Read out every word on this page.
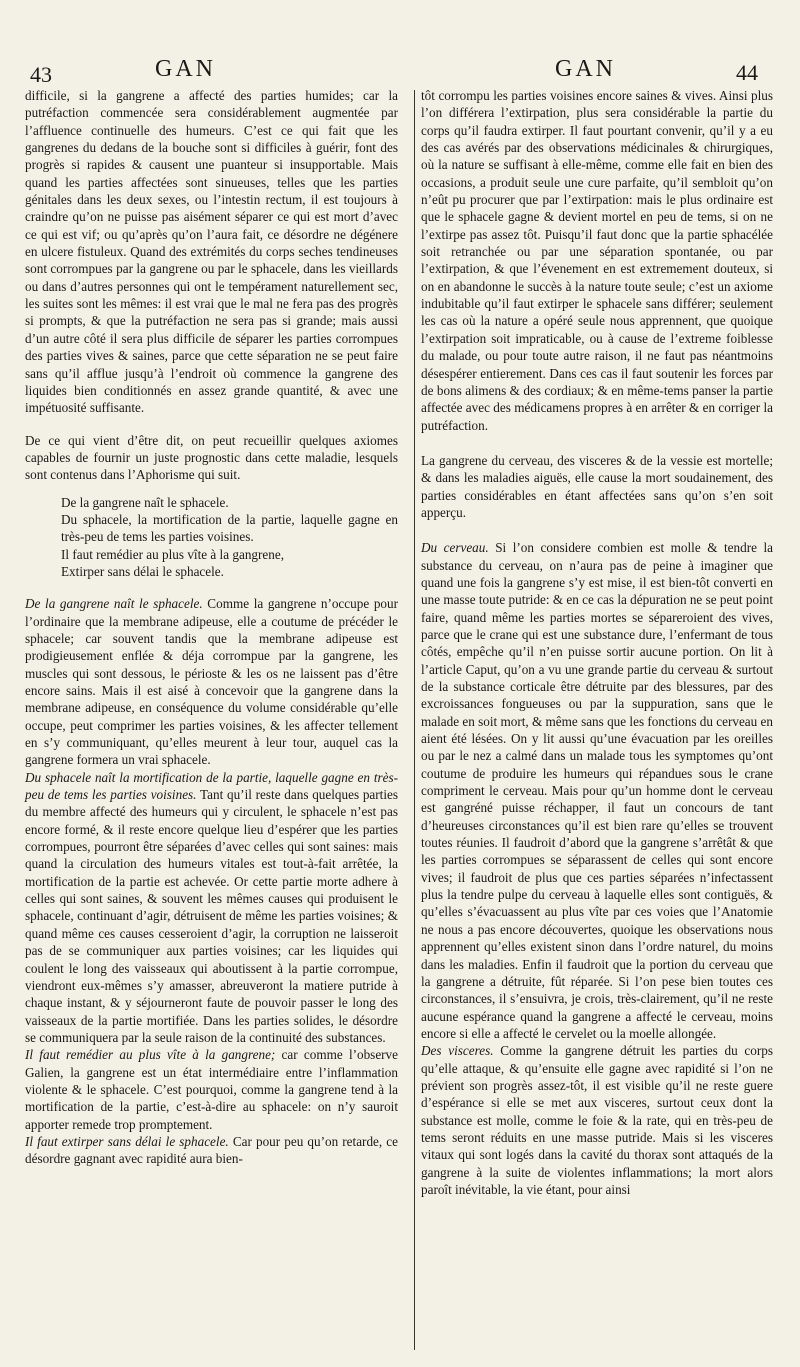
43	GAN	GAN	44

difficile, si la gangrene a affecté des parties humides; car la putréfaction commencée sera considérablement augmentée par l’affluence continuelle des humeurs. C’est ce qui fait que les gangrenes du dedans de la bouche sont si difficiles à guérir, font des progrès si rapides & causent une puanteur si insupportable. Mais quand les parties affectées sont sinueuses, telles que les parties génitales dans les deux sexes, ou l’intestin rectum, il est toujours à craindre qu’on ne puisse pas aisément séparer ce qui est mort d’avec ce qui est vif; ou qu’après qu’on l’aura fait, ce désordre ne dégénere en ulcere fistuleux. Quand des extrémités du corps seches tendineuses sont corrompues par la gangrene ou par le sphacele, dans les vieillards ou dans d’autres personnes qui ont le tempérament naturellement sec, les suites sont les mêmes: il est vrai que le mal ne fera pas des progrès si prompts, & que la putréfaction ne sera pas si grande; mais aussi d’un autre côté il sera plus difficile de séparer les parties corrompues des parties vives & saines, parce que cette séparation ne se peut faire sans qu’il afflue jusqu’à l’endroit où commence la gangrene des liquides bien conditionnés en assez grande quantité, & avec une impétuosité suffisante.

De ce qui vient d’être dit, on peut recueillir quelques axiomes capables de fournir un juste prognostic dans cette maladie, lesquels sont contenus dans l’Aphorisme qui suit.

De la gangrene naît le sphacele.
Du sphacele, la mortification de la partie, laquelle gagne en très-peu de tems les parties voisines.
Il faut remédier au plus vîte à la gangrene,
Extirper sans délai le sphacele.

De la gangrene naît le sphacele. Comme la gangrene n’occupe pour l’ordinaire que la membrane adipeuse, elle a coutume de précéder le sphacele; car souvent tandis que la membrane adipeuse est prodigieusement enflée & déja corrompue par la gangrene, les muscles qui sont dessous, le périoste & les os ne laissent pas d’être encore sains. Mais il est aisé à concevoir que la gangrene dans la membrane adipeuse, en conséquence du volume considérable qu’elle occupe, peut comprimer les parties voisines, & les affecter tellement en s’y communiquant, qu’elles meurent à leur tour, auquel cas la gangrene formera un vrai sphacele.

Du sphacele naît la mortification de la partie, laquelle gagne en très-peu de tems les parties voisines. Tant qu’il reste dans quelques parties du membre affecté des humeurs qui y circulent, le sphacele n’est pas encore formé, & il reste encore quelque lieu d’espérer que les parties corrompues, pourront être séparées d’avec celles qui sont saines: mais quand la circulation des humeurs vitales est tout-à-fait arrêtée, la mortification de la partie est achevée. Or cette partie morte adhere à celles qui sont saines, & souvent les mêmes causes qui produisent le sphacele, continuant d’agir, détruisent de même les parties voisines; & quand même ces causes cesseroient d’agir, la corruption ne laisseroit pas de se communiquer aux parties voisines; car les liquides qui coulent le long des vaisseaux qui aboutissent à la partie corrompue, viendront eux-mêmes s’y amasser, abreuveront la matiere putride à chaque instant, & y séjourneront faute de pouvoir passer le long des vaisseaux de la partie mortifiée. Dans les parties solides, le désordre se communiquera par la seule raison de la continuité des substances.

Il faut remédier au plus vîte à la gangrene; car comme l’observe Galien, la gangrene est un état intermédiaire entre l’inflammation violente & le sphacele. C’est pourquoi, comme la gangrene tend à la mortification de la partie, c’est-à-dire au sphacele: on n’y sauroit apporter remede trop promptement.

Il faut extirper sans délai le sphacele. Car pour peu qu’on retarde, ce désordre gagnant avec rapidité aura bien-

tôt corrompu les parties voisines encore saines & vives. Ainsi plus l’on différera l’extirpation, plus sera considérable la partie du corps qu’il faudra extirper. Il faut pourtant convenir, qu’il y a eu des cas avérés par des observations médicinales & chirurgiques, où la nature se suffisant à elle-même, comme elle fait en bien des occasions, a produit seule une cure parfaite, qu’il sembloit qu’on n’eût pu procurer que par l’extirpation: mais le plus ordinaire est que le sphacele gagne & devient mortel en peu de tems, si on ne l’extirpe pas assez tôt. Puisqu’il faut donc que la partie sphacélée soit retranchée ou par une séparation spontanée, ou par l’extirpation, & que l’évenement en est extremement douteux, si on en abandonne le succès à la nature toute seule; c’est un axiome indubitable qu’il faut extirper le sphacele sans différer; seulement les cas où la nature a opéré seule nous apprennent, que quoique l’extirpation soit impraticable, ou à cause de l’extreme foiblesse du malade, ou pour toute autre raison, il ne faut pas néantmoins désespérer entierement. Dans ces cas il faut soutenir les forces par de bons alimens & des cordiaux; & en même-tems panser la partie affectée avec des médicamens propres à en arrêter & en corriger la putréfaction.

La gangrene du cerveau, des visceres & de la vessie est mortelle; & dans les maladies aiguës, elle cause la mort soudainement, des parties considérables en étant affectées sans qu’on s’en soit apperçu.

Du cerveau. Si l’on considere combien est molle & tendre la substance du cerveau, on n’aura pas de peine à imaginer que quand une fois la gangrene s’y est mise, il est bien-tôt converti en une masse toute putride: & en ce cas la dépuration ne se peut point faire, quand même les parties mortes se sépareroient des vives, parce que le crane qui est une substance dure, l’enfermant de tous côtés, empêche qu’il n’en puisse sortir aucune portion. On lit à l’article Caput, qu’on a vu une grande partie du cerveau & surtout de la substance corticale être détruite par des blessures, par des excroissances fongueuses ou par la suppuration, sans que le malade en soit mort, & même sans que les fonctions du cerveau en aient été lésées. On y lit aussi qu’une évacuation par les oreilles ou par le nez a calmé dans un malade tous les symptomes qu’ont coutume de produire les humeurs qui répandues sous le crane compriment le cerveau. Mais pour qu’un homme dont le cerveau est gangréné puisse réchapper, il faut un concours de tant d’heureuses circonstances qu’il est bien rare qu’elles se trouvent toutes réunies. Il faudroit d’abord que la gangrene s’arrêtât & que les parties corrompues se séparassent de celles qui sont encore vives; il faudroit de plus que ces parties séparées n’infectassent plus la tendre pulpe du cerveau à laquelle elles sont contiguës, & qu’elles s’évacuassent au plus vîte par ces voies que l’Anatomie ne nous a pas encore découvertes, quoique les observations nous apprennent qu’elles existent sinon dans l’ordre naturel, du moins dans les maladies. Enfin il faudroit que la portion du cerveau que la gangrene a détruite, fût réparée. Si l’on pese bien toutes ces circonstances, il s’ensuivra, je crois, très-clairement, qu’il ne reste aucune espérance quand la gangrene a affecté le cerveau, moins encore si elle a affecté le cervelet ou la moelle allongée.

Des visceres. Comme la gangrene détruit les parties du corps qu’elle attaque, & qu’ensuite elle gagne avec rapidité si l’on ne prévient son progrès assez-tôt, il est visible qu’il ne reste guere d’espérance si elle se met aux visceres, surtout ceux dont la substance est molle, comme le foie & la rate, qui en très-peu de tems seront réduits en une masse putride. Mais si les visceres vitaux qui sont logés dans la cavité du thorax sont attaqués de la gangrene à la suite de violentes inflammations; la mort alors paroît inévitable, la vie étant, pour ainsi
